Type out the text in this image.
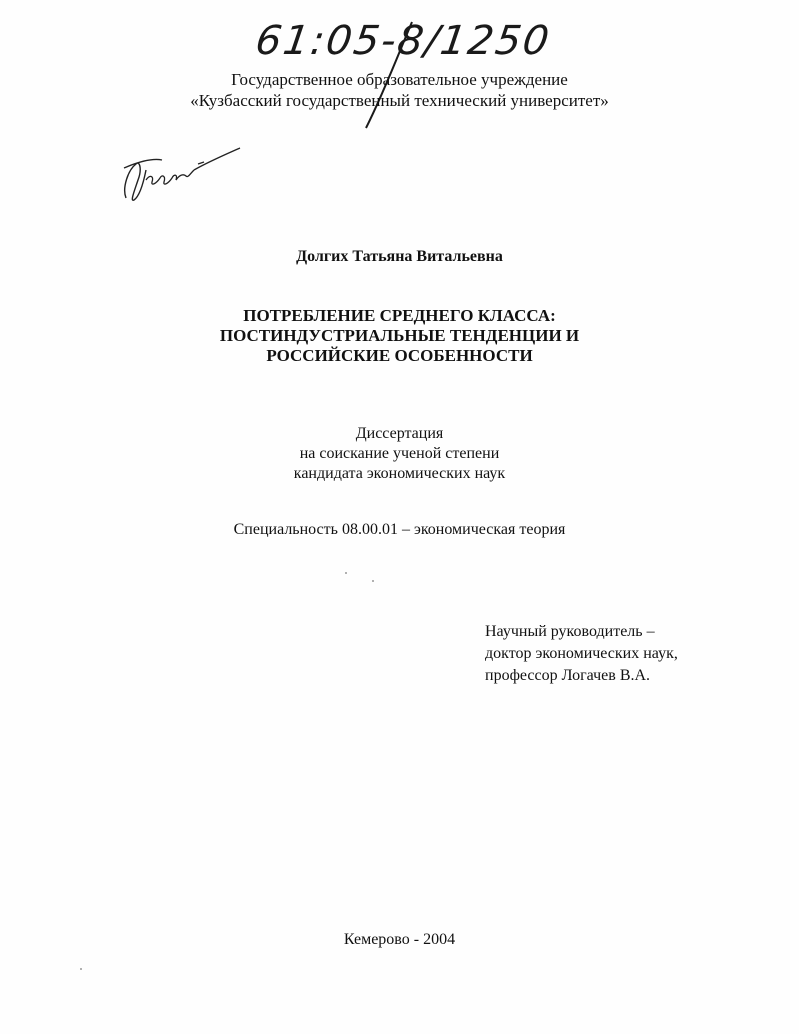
61:05-8/1250
Государственное образовательное учреждение
«Кузбасский государственный технический университет»
Долгих Татьяна Витальевна
ПОТРЕБЛЕНИЕ СРЕДНЕГО КЛАССА:
ПОСТИНДУСТРИАЛЬНЫЕ ТЕНДЕНЦИИ И
РОССИЙСКИЕ ОСОБЕННОСТИ
Диссертация
на соискание ученой степени
кандидата экономических наук
Специальность 08.00.01 – экономическая теория
Научный руководитель –
доктор экономических наук,
профессор Логачев В.А.
Кемерово - 2004
